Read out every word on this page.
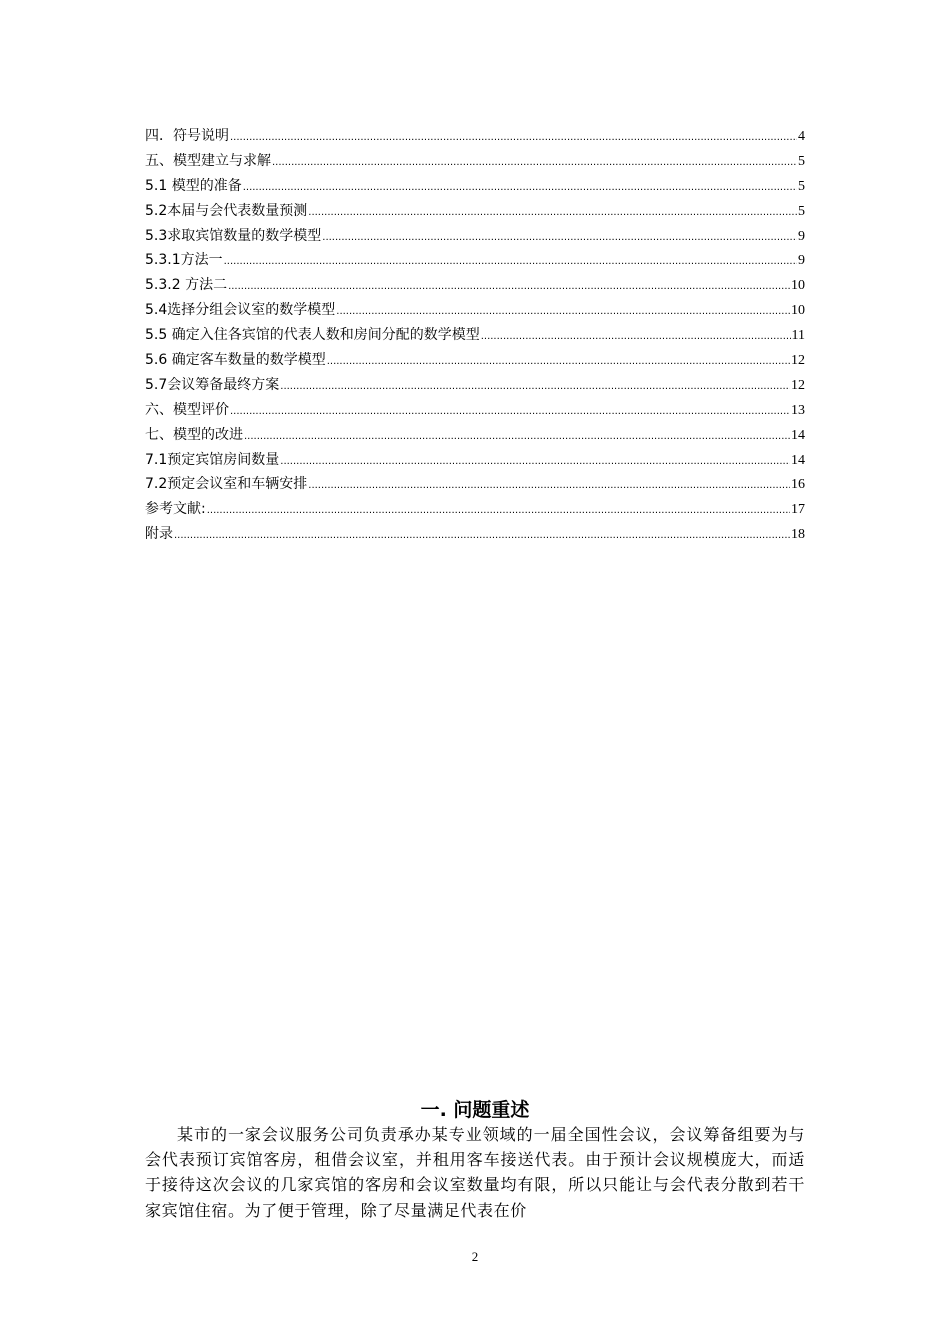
四．符号说明 .....	4
五、模型建立与求解 .....	5
5.1 模型的准备 .....	5
5.2本届与会代表数量预测 .....	5
5.3求取宾馆数量的数学模型 .....	9
5.3.1方法一 .....	9
5.3.2 方法二 .....	10
5.4选择分组会议室的数学模型 .....	10
5.5 确定入住各宾馆的代表人数和房间分配的数学模型 .....	11
5.6 确定客车数量的数学模型 .....	12
5.7会议筹备最终方案 .....	12
六、模型评价 .....	13
七、模型的改进 .....	14
7.1预定宾馆房间数量 .....	14
7.2预定会议室和车辆安排 .....	16
参考文献: .....	17
附录 .....	18
一. 问题重述

某市的一家会议服务公司负责承办某专业领域的一届全国性会议，会议筹备组要为与会代表预订宾馆客房，租借会议室，并租用客车接送代表。由于预计会议规模庞大，而适于接待这次会议的几家宾馆的客房和会议室数量均有限，所以只能让与会代表分散到若干家宾馆住宿。为了便于管理，除了尽量满足代表在价

2
